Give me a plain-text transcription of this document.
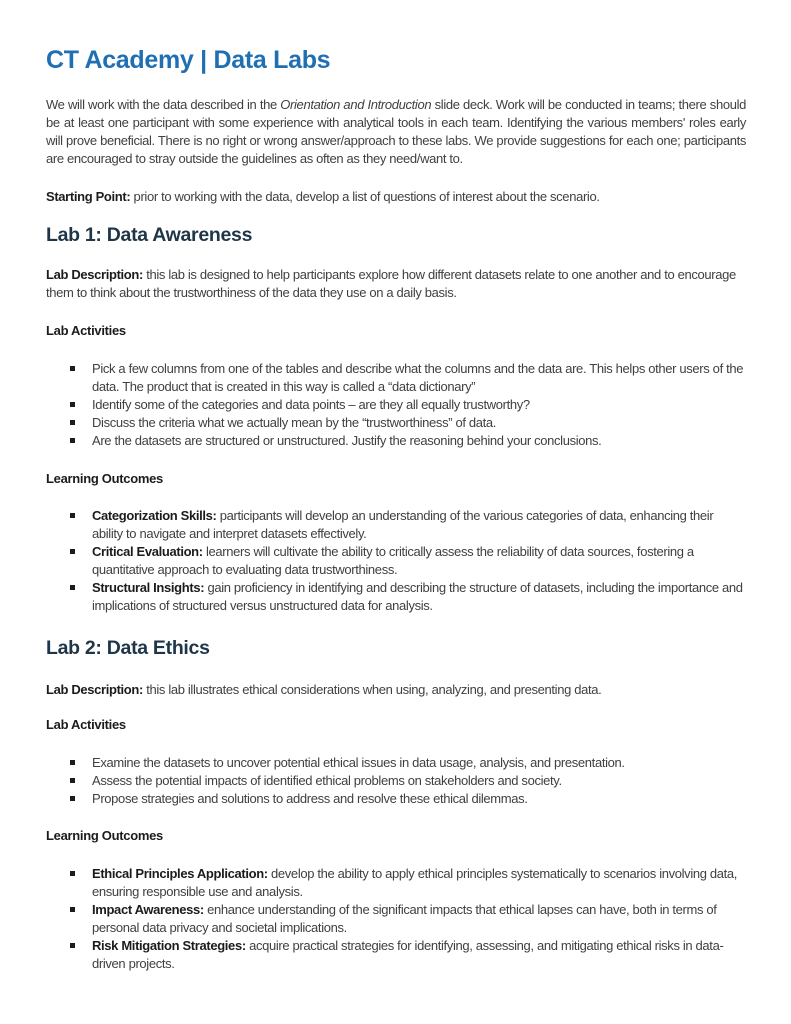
CT Academy | Data Labs

We will work with the data described in the Orientation and Introduction slide deck. Work will be conducted in teams; there should be at least one participant with some experience with analytical tools in each team. Identifying the various members' roles early will prove beneficial. There is no right or wrong answer/approach to these labs. We provide suggestions for each one; participants are encouraged to stray outside the guidelines as often as they need/want to.

Starting Point: prior to working with the data, develop a list of questions of interest about the scenario.

Lab 1: Data Awareness

Lab Description: this lab is designed to help participants explore how different datasets relate to one another and to encourage them to think about the trustworthiness of the data they use on a daily basis.

Lab Activities
Pick a few columns from one of the tables and describe what the columns and the data are. This helps other users of the data. The product that is created in this way is called a “data dictionary”
Identify some of the categories and data points – are they all equally trustworthy?
Discuss the criteria what we actually mean by the “trustworthiness” of data.
Are the datasets are structured or unstructured. Justify the reasoning behind your conclusions.
Learning Outcomes
Categorization Skills: participants will develop an understanding of the various categories of data, enhancing their ability to navigate and interpret datasets effectively.
Critical Evaluation: learners will cultivate the ability to critically assess the reliability of data sources, fostering a quantitative approach to evaluating data trustworthiness.
Structural Insights: gain proficiency in identifying and describing the structure of datasets, including the importance and implications of structured versus unstructured data for analysis.
Lab 2: Data Ethics

Lab Description: this lab illustrates ethical considerations when using, analyzing, and presenting data.

Lab Activities
Examine the datasets to uncover potential ethical issues in data usage, analysis, and presentation.
Assess the potential impacts of identified ethical problems on stakeholders and society.
Propose strategies and solutions to address and resolve these ethical dilemmas.
Learning Outcomes
Ethical Principles Application: develop the ability to apply ethical principles systematically to scenarios involving data, ensuring responsible use and analysis.
Impact Awareness: enhance understanding of the significant impacts that ethical lapses can have, both in terms of personal data privacy and societal implications.
Risk Mitigation Strategies: acquire practical strategies for identifying, assessing, and mitigating ethical risks in data-driven projects.
